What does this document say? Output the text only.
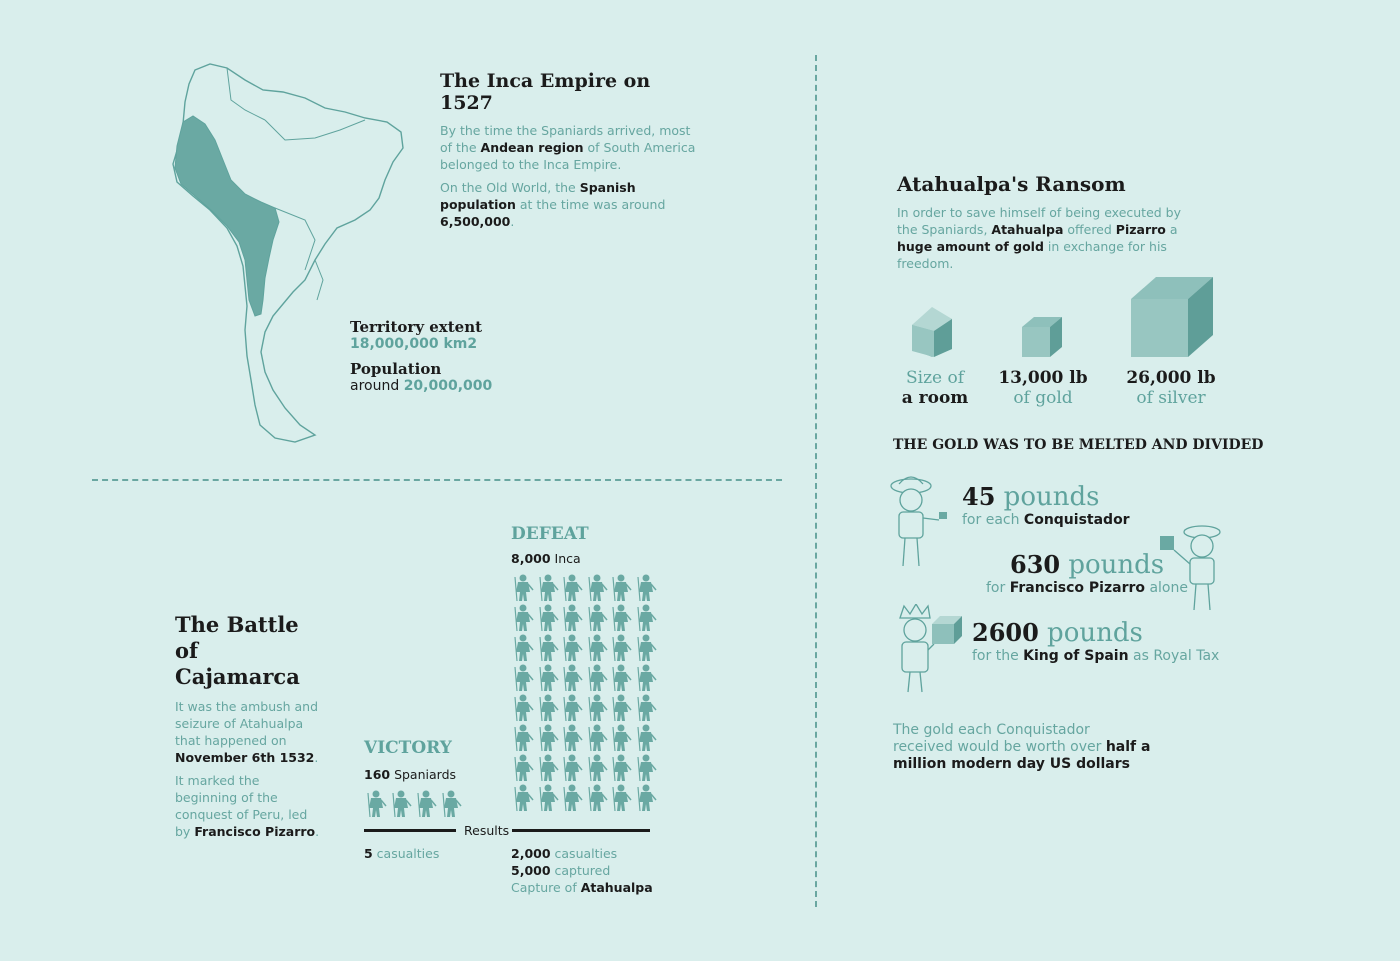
The Inca Empire on 1527

By the time the Spaniards arrived, most of the Andean region of South America belonged to the Inca Empire.

On the Old World, the Spanish population at the time was around 6,500,000.

Territory extent
18,000,000 km2
Population
around 20,000,000
The Battle of
Cajamarca

It was the ambush and seizure of Atahualpa that happened on November 6th 1532.

It marked the beginning of the conquest of Peru, led by Francisco Pizarro.

VICTORY
160 Spaniards
DEFEAT
8,000 Inca
Results
5 casualties	2,000 casualties
5,000 captured
Capture of Atahualpa
Atahualpa's Ransom

In order to save himself of being executed by the Spaniards, Atahualpa offered Pizarro a huge amount of gold in exchange for his freedom.

Size of
a room
13,000 lb
of gold
26,000 lb
of silver
THE GOLD WAS TO BE MELTED AND DIVIDED
45 pounds
for each Conquistador
630 pounds
for Francisco Pizarro alone
2600 pounds
for the King of Spain as Royal Tax
The gold each Conquistador received would be worth over half a million modern day US dollars
